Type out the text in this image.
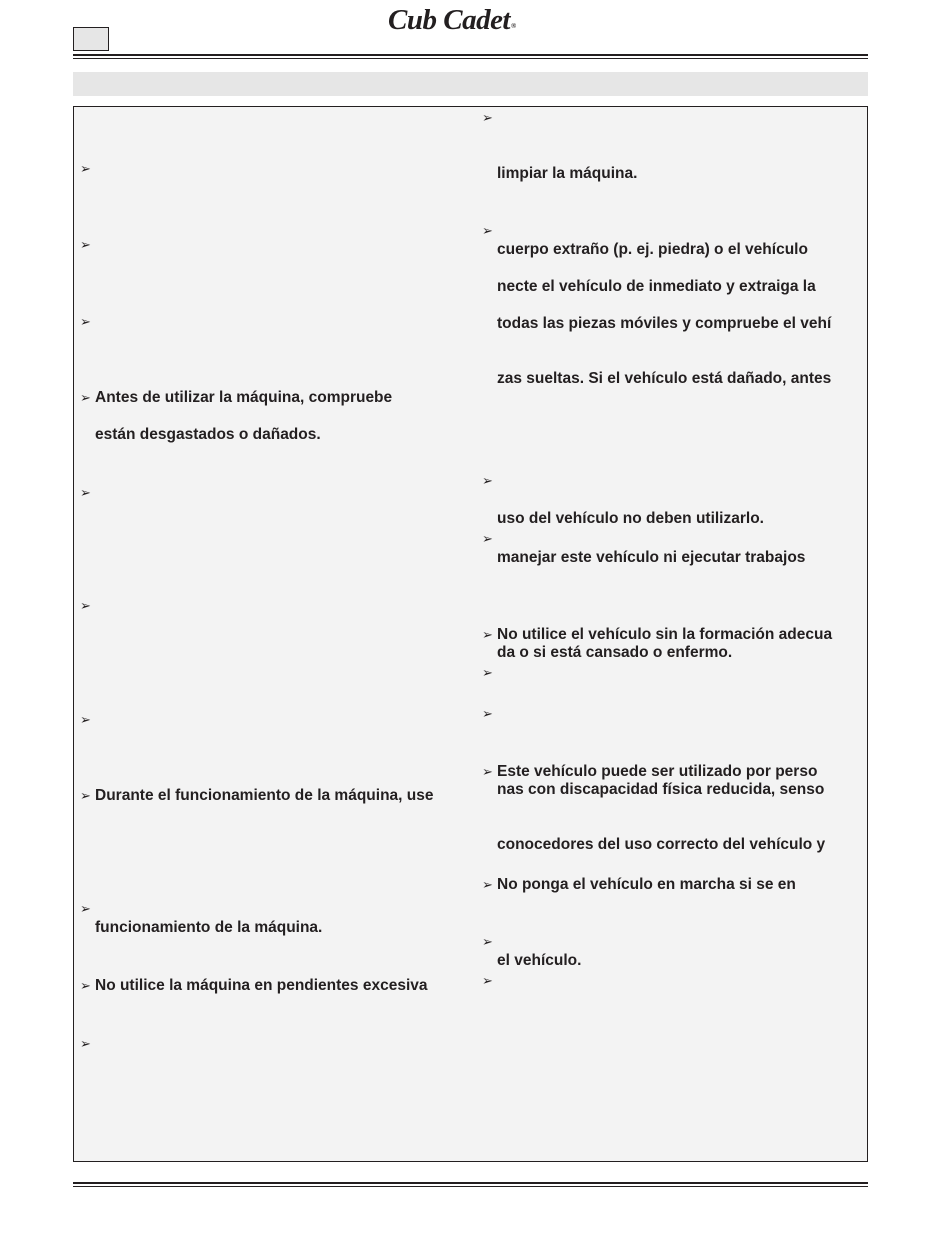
Cub Cadet®
➢
➢
➢
➢ Antes de utilizar la máquina, compruebe
están desgastados o dañados.
➢
➢
➢
➢ Durante el funcionamiento de la máquina, use
➢
funcionamiento de la máquina.
➢ No utilice la máquina en pendientes excesiva
➢
➢
limpiar la máquina.
➢
cuerpo extraño (p. ej. piedra) o el vehículo
necte el vehículo de inmediato y extraiga la
todas las piezas móviles y compruebe el vehí
zas sueltas. Si el vehículo está dañado, antes
➢
uso del vehículo no deben utilizarlo.
➢
manejar este vehículo ni ejecutar trabajos
➢ No utilice el vehículo sin la formación adecua
da o si está cansado o enfermo.
➢
➢
➢ Este vehículo puede ser utilizado por perso
nas con discapacidad física reducida, senso
conocedores del uso correcto del vehículo y
➢ No ponga el vehículo en marcha si se en
➢
el vehículo.
➢
